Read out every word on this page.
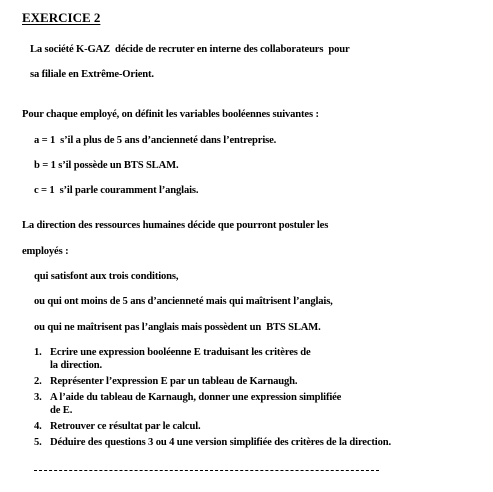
EXERCICE 2
La société K-GAZ  décide de recruter en interne des collaborateurs  pour
sa filiale en Extrême-Orient.
Pour chaque employé, on définit les variables booléennes suivantes :
a = 1  s’il a plus de 5 ans d’ancienneté dans l’entreprise.
b = 1 s’il possède un BTS SLAM.
c = 1  s’il parle couramment l’anglais.
La direction des ressources humaines décide que pourront postuler les
employés :
qui satisfont aux trois conditions,
ou qui ont moins de 5 ans d’ancienneté mais qui maîtrisent l’anglais,
ou qui ne maîtrisent pas l’anglais mais possèdent un  BTS SLAM.
1. Ecrire une expression booléenne E traduisant les critères de
la direction.
2. Représenter l’expression E par un tableau de Karnaugh.
3. A l’aide du tableau de Karnaugh, donner une expression simplifiée
de E.
4. Retrouver ce résultat par le calcul.
5. Déduire des questions 3 ou 4 une version simplifiée des critères de la direction.
